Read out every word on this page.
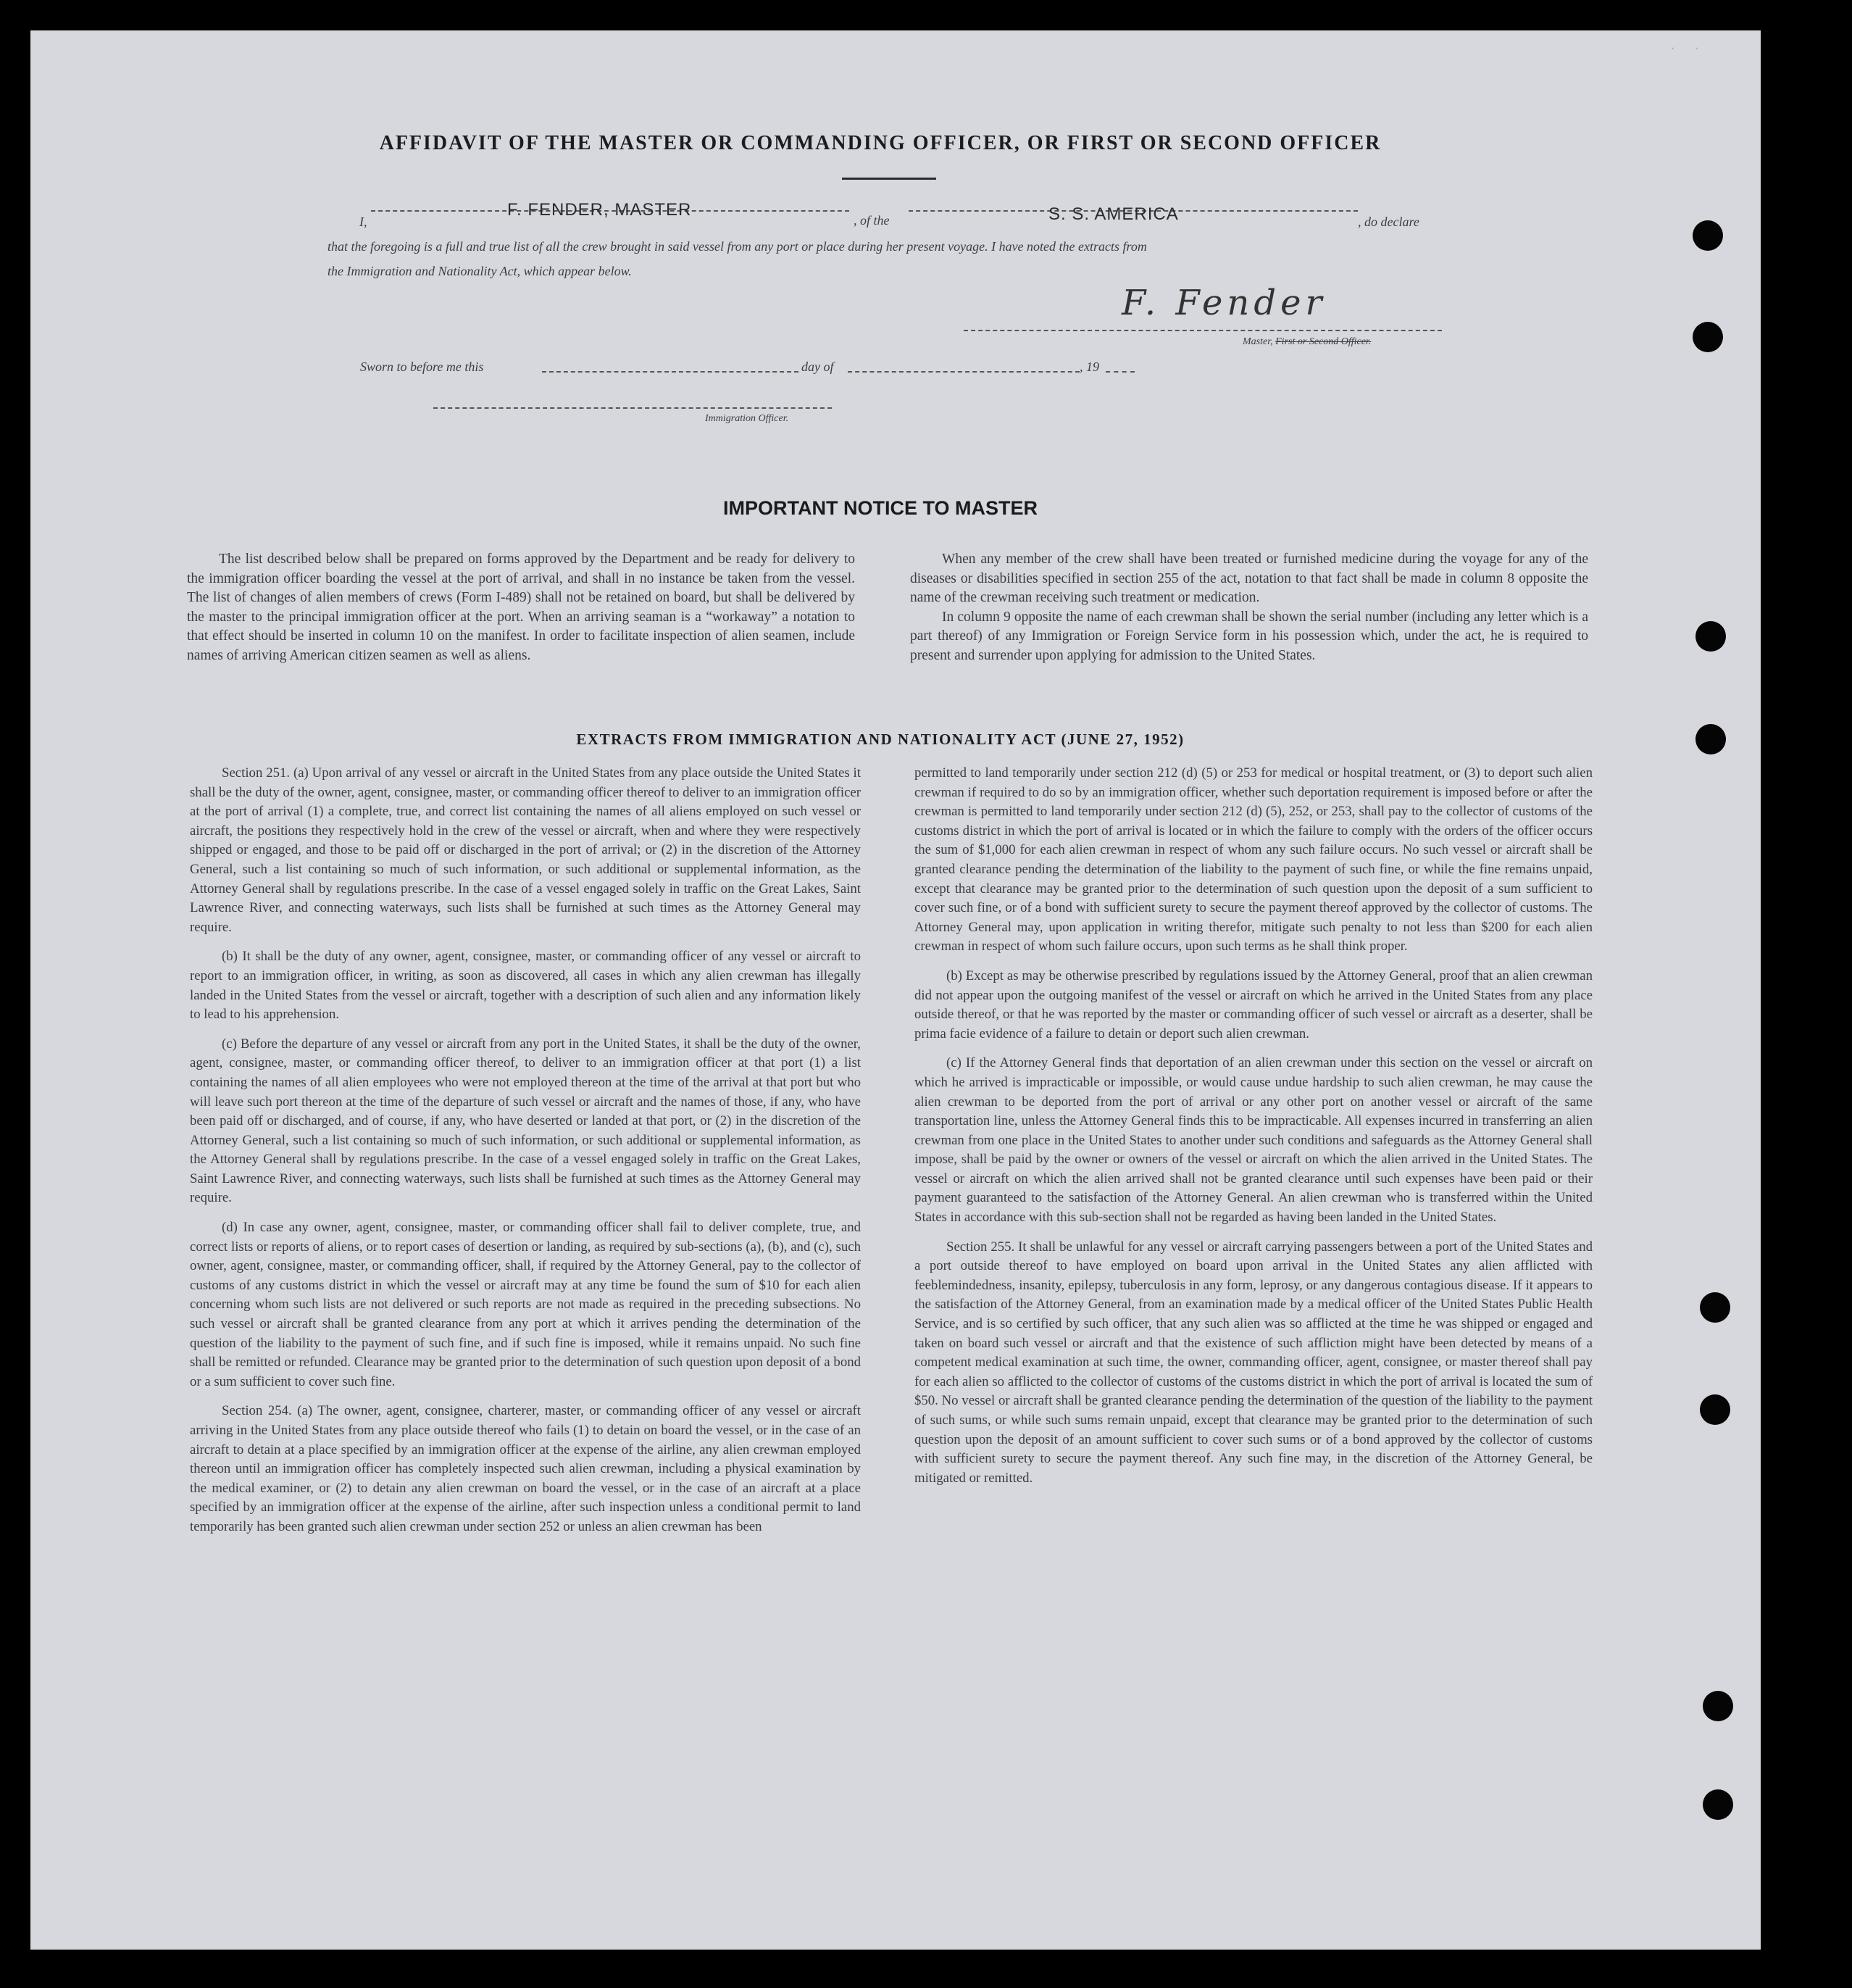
··
AFFIDAVIT OF THE MASTER OR COMMANDING OFFICER, OR FIRST OR SECOND OFFICER
I,
F. FENDER, MASTER
, of the	S. S. AMERICA	, do declare
that the foregoing is a full and true list of all the crew brought in said vessel from any port or place during her present voyage. I have noted the extracts from
the Immigration and Nationality Act, which appear below.
F. Fender
Master, First or Second Officer.
Sworn to before me this	day of	, 19
Immigration Officer.
IMPORTANT NOTICE TO MASTER

The list described below shall be prepared on forms approved by the Department and be ready for delivery to the immigration officer boarding the vessel at the port of arrival, and shall in no instance be taken from the vessel. The list of changes of alien members of crews (Form I-489) shall not be retained on board, but shall be delivered by the master to the principal immigration officer at the port. When an arriving seaman is a “workaway” a notation to that effect should be inserted in column 10 on the manifest. In order to facilitate inspection of alien seamen, include names of arriving American citizen seamen as well as aliens.

When any member of the crew shall have been treated or furnished medicine during the voyage for any of the diseases or disabilities specified in section 255 of the act, notation to that fact shall be made in column 8 opposite the name of the crewman receiving such treatment or medication.

In column 9 opposite the name of each crewman shall be shown the serial number (including any letter which is a part thereof) of any Immigration or Foreign Service form in his possession which, under the act, he is required to present and surrender upon applying for admission to the United States.

EXTRACTS FROM IMMIGRATION AND NATIONALITY ACT (JUNE 27, 1952)

Section 251. (a) Upon arrival of any vessel or aircraft in the United States from any place outside the United States it shall be the duty of the owner, agent, consignee, master, or commanding officer thereof to deliver to an immigration officer at the port of arrival (1) a complete, true, and correct list containing the names of all aliens employed on such vessel or aircraft, the positions they respectively hold in the crew of the vessel or aircraft, when and where they were respectively shipped or engaged, and those to be paid off or discharged in the port of arrival; or (2) in the discretion of the Attorney General, such a list containing so much of such information, or such additional or supplemental information, as the Attorney General shall by regulations prescribe. In the case of a vessel engaged solely in traffic on the Great Lakes, Saint Lawrence River, and connecting waterways, such lists shall be furnished at such times as the Attorney General may require.

(b) It shall be the duty of any owner, agent, consignee, master, or commanding officer of any vessel or aircraft to report to an immigration officer, in writing, as soon as discovered, all cases in which any alien crewman has illegally landed in the United States from the vessel or aircraft, together with a description of such alien and any information likely to lead to his apprehension.

(c) Before the departure of any vessel or aircraft from any port in the United States, it shall be the duty of the owner, agent, consignee, master, or commanding officer thereof, to deliver to an immigration officer at that port (1) a list containing the names of all alien employees who were not employed thereon at the time of the arrival at that port but who will leave such port thereon at the time of the departure of such vessel or aircraft and the names of those, if any, who have been paid off or discharged, and of course, if any, who have deserted or landed at that port, or (2) in the discretion of the Attorney General, such a list containing so much of such information, or such additional or supplemental information, as the Attorney General shall by regulations prescribe. In the case of a vessel engaged solely in traffic on the Great Lakes, Saint Lawrence River, and connecting waterways, such lists shall be furnished at such times as the Attorney General may require.

(d) In case any owner, agent, consignee, master, or commanding officer shall fail to deliver complete, true, and correct lists or reports of aliens, or to report cases of desertion or landing, as required by sub-sections (a), (b), and (c), such owner, agent, consignee, master, or commanding officer, shall, if required by the Attorney General, pay to the collector of customs of any customs district in which the vessel or aircraft may at any time be found the sum of $10 for each alien concerning whom such lists are not delivered or such reports are not made as required in the preceding subsections. No such vessel or aircraft shall be granted clearance from any port at which it arrives pending the determination of the question of the liability to the payment of such fine, and if such fine is imposed, while it remains unpaid. No such fine shall be remitted or refunded. Clearance may be granted prior to the determination of such question upon deposit of a bond or a sum sufficient to cover such fine.

Section 254. (a) The owner, agent, consignee, charterer, master, or commanding officer of any vessel or aircraft arriving in the United States from any place outside thereof who fails (1) to detain on board the vessel, or in the case of an aircraft to detain at a place specified by an immigration officer at the expense of the airline, any alien crewman employed thereon until an immigration officer has completely inspected such alien crewman, including a physical examination by the medical examiner, or (2) to detain any alien crewman on board the vessel, or in the case of an aircraft at a place specified by an immigration officer at the expense of the airline, after such inspection unless a conditional permit to land temporarily has been granted such alien crewman under section 252 or unless an alien crewman has been

permitted to land temporarily under section 212 (d) (5) or 253 for medical or hospital treatment, or (3) to deport such alien crewman if required to do so by an immigration officer, whether such deportation requirement is imposed before or after the crewman is permitted to land temporarily under section 212 (d) (5), 252, or 253, shall pay to the collector of customs of the customs district in which the port of arrival is located or in which the failure to comply with the orders of the officer occurs the sum of $1,000 for each alien crewman in respect of whom any such failure occurs. No such vessel or aircraft shall be granted clearance pending the determination of the liability to the payment of such fine, or while the fine remains unpaid, except that clearance may be granted prior to the determination of such question upon the deposit of a sum sufficient to cover such fine, or of a bond with sufficient surety to secure the payment thereof approved by the collector of customs. The Attorney General may, upon application in writing therefor, mitigate such penalty to not less than $200 for each alien crewman in respect of whom such failure occurs, upon such terms as he shall think proper.

(b) Except as may be otherwise prescribed by regulations issued by the Attorney General, proof that an alien crewman did not appear upon the outgoing manifest of the vessel or aircraft on which he arrived in the United States from any place outside thereof, or that he was reported by the master or commanding officer of such vessel or aircraft as a deserter, shall be prima facie evidence of a failure to detain or deport such alien crewman.

(c) If the Attorney General finds that deportation of an alien crewman under this section on the vessel or aircraft on which he arrived is impracticable or impossible, or would cause undue hardship to such alien crewman, he may cause the alien crewman to be deported from the port of arrival or any other port on another vessel or aircraft of the same transportation line, unless the Attorney General finds this to be impracticable. All expenses incurred in transferring an alien crewman from one place in the United States to another under such conditions and safeguards as the Attorney General shall impose, shall be paid by the owner or owners of the vessel or aircraft on which the alien arrived in the United States. The vessel or aircraft on which the alien arrived shall not be granted clearance until such expenses have been paid or their payment guaranteed to the satisfaction of the Attorney General. An alien crewman who is transferred within the United States in accordance with this sub-section shall not be regarded as having been landed in the United States.

Section 255. It shall be unlawful for any vessel or aircraft carrying passengers between a port of the United States and a port outside thereof to have employed on board upon arrival in the United States any alien afflicted with feeblemindedness, insanity, epilepsy, tuberculosis in any form, leprosy, or any dangerous contagious disease. If it appears to the satisfaction of the Attorney General, from an examination made by a medical officer of the United States Public Health Service, and is so certified by such officer, that any such alien was so afflicted at the time he was shipped or engaged and taken on board such vessel or aircraft and that the existence of such affliction might have been detected by means of a competent medical examination at such time, the owner, commanding officer, agent, consignee, or master thereof shall pay for each alien so afflicted to the collector of customs of the customs district in which the port of arrival is located the sum of $50. No vessel or aircraft shall be granted clearance pending the determination of the question of the liability to the payment of such sums, or while such sums remain unpaid, except that clearance may be granted prior to the determination of such question upon the deposit of an amount sufficient to cover such sums or of a bond approved by the collector of customs with sufficient surety to secure the payment thereof. Any such fine may, in the discretion of the Attorney General, be mitigated or remitted.
